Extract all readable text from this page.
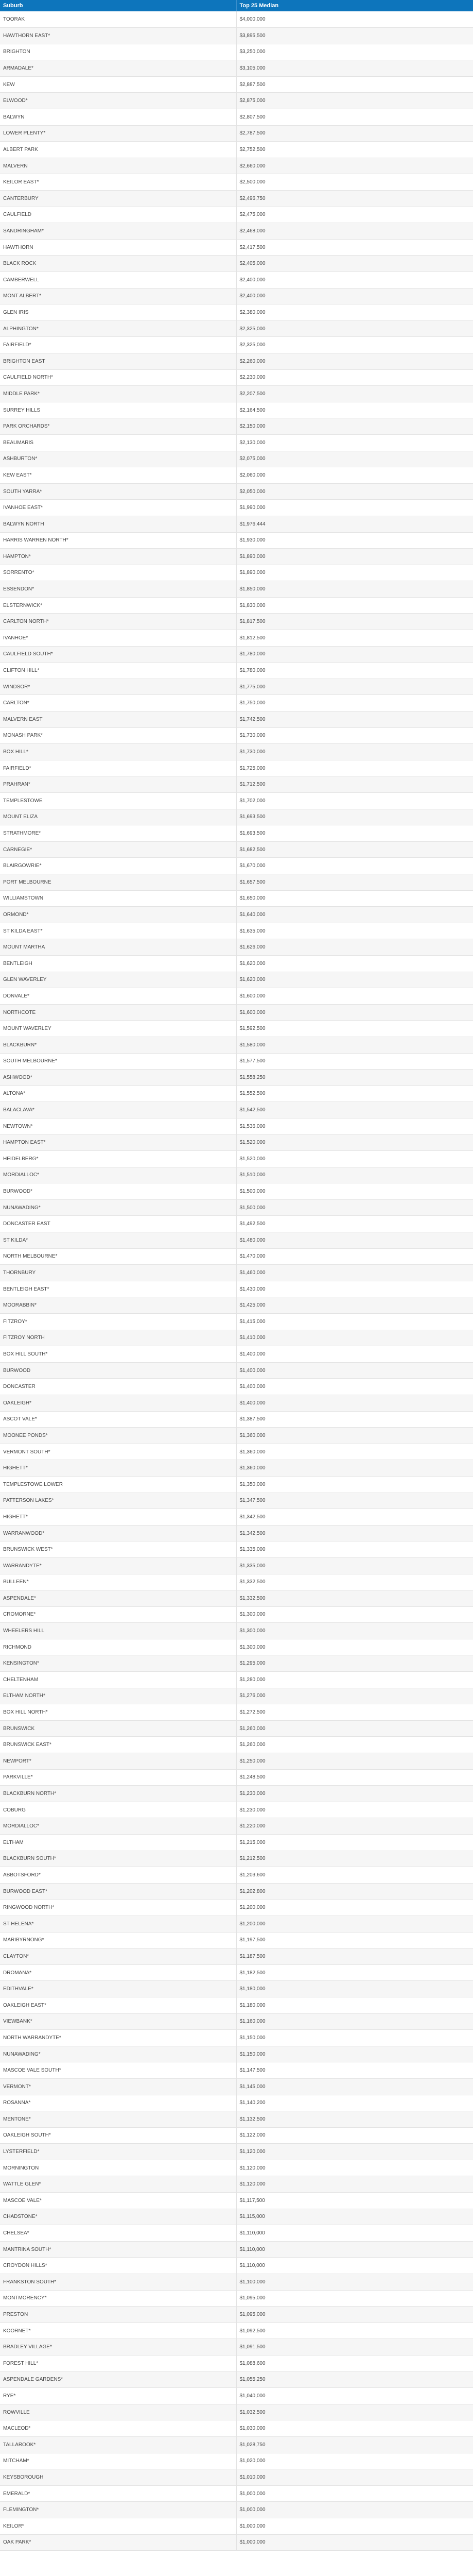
Suburb	Top 25 Median
TOORAK	$4,000,000
HAWTHORN EAST*	$3,895,500
BRIGHTON	$3,250,000
ARMADALE*	$3,105,000
KEW	$2,887,500
ELWOOD*	$2,875,000
BALWYN	$2,807,500
LOWER PLENTY*	$2,787,500
ALBERT PARK	$2,752,500
MALVERN	$2,660,000
KEILOR EAST*	$2,500,000
CANTERBURY	$2,496,750
CAULFIELD	$2,475,000
SANDRINGHAM*	$2,468,000
HAWTHORN	$2,417,500
BLACK ROCK	$2,405,000
CAMBERWELL	$2,400,000
MONT ALBERT*	$2,400,000
GLEN IRIS	$2,380,000
ALPHINGTON*	$2,325,000
FAIRFIELD*	$2,325,000
BRIGHTON EAST	$2,260,000
CAULFIELD NORTH*	$2,230,000
MIDDLE PARK*	$2,207,500
SURREY HILLS	$2,164,500
PARK ORCHARDS*	$2,150,000
BEAUMARIS	$2,130,000
ASHBURTON*	$2,075,000
KEW EAST*	$2,060,000
SOUTH YARRA*	$2,050,000
IVANHOE EAST*	$1,990,000
BALWYN NORTH	$1,976,444
HARRIS WARREN NORTH*	$1,930,000
HAMPTON*	$1,890,000
SORRENTO*	$1,890,000
ESSENDON*	$1,850,000
ELSTERNWICK*	$1,830,000
CARLTON NORTH*	$1,817,500
IVANHOE*	$1,812,500
CAULFIELD SOUTH*	$1,780,000
CLIFTON HILL*	$1,780,000
WINDSOR*	$1,775,000
CARLTON*	$1,750,000
MALVERN EAST	$1,742,500
MONASH PARK*	$1,730,000
BOX HILL*	$1,730,000
FAIRFIELD*	$1,725,000
PRAHRAN*	$1,712,500
TEMPLESTOWE	$1,702,000
MOUNT ELIZA	$1,693,500
STRATHMORE*	$1,693,500
CARNEGIE*	$1,682,500
BLAIRGOWRIE*	$1,670,000
PORT MELBOURNE	$1,657,500
WILLIAMSTOWN	$1,650,000
ORMOND*	$1,640,000
ST KILDA EAST*	$1,635,000
MOUNT MARTHA	$1,626,000
BENTLEIGH	$1,620,000
GLEN WAVERLEY	$1,620,000
DONVALE*	$1,600,000
NORTHCOTE	$1,600,000
MOUNT WAVERLEY	$1,592,500
BLACKBURN*	$1,580,000
SOUTH MELBOURNE*	$1,577,500
ASHWOOD*	$1,558,250
ALTONA*	$1,552,500
BALACLAVA*	$1,542,500
NEWTOWN*	$1,536,000
HAMPTON EAST*	$1,520,000
HEIDELBERG*	$1,520,000
MORDIALLOC*	$1,510,000
BURWOOD*	$1,500,000
NUNAWADING*	$1,500,000
DONCASTER EAST	$1,492,500
ST KILDA*	$1,480,000
NORTH MELBOURNE*	$1,470,000
THORNBURY	$1,460,000
BENTLEIGH EAST*	$1,430,000
MOORABBIN*	$1,425,000
FITZROY*	$1,415,000
FITZROY NORTH	$1,410,000
BOX HILL SOUTH*	$1,400,000
BURWOOD	$1,400,000
DONCASTER	$1,400,000
OAKLEIGH*	$1,400,000
ASCOT VALE*	$1,387,500
MOONEE PONDS*	$1,360,000
VERMONT SOUTH*	$1,360,000
HIGHETT*	$1,360,000
TEMPLESTOWE LOWER	$1,350,000
PATTERSON LAKES*	$1,347,500
HIGHETT*	$1,342,500
WARRANWOOD*	$1,342,500
BRUNSWICK WEST*	$1,335,000
WARRANDYTE*	$1,335,000
BULLEEN*	$1,332,500
ASPENDALE*	$1,332,500
CROMORNE*	$1,300,000
WHEELERS HILL	$1,300,000
RICHMOND	$1,300,000
KENSINGTON*	$1,295,000
CHELTENHAM	$1,280,000
ELTHAM NORTH*	$1,276,000
BOX HILL NORTH*	$1,272,500
BRUNSWICK	$1,260,000
BRUNSWICK EAST*	$1,260,000
NEWPORT*	$1,250,000
PARKVILLE*	$1,248,500
BLACKBURN NORTH*	$1,230,000
COBURG	$1,230,000
MORDIALLOC*	$1,220,000
ELTHAM	$1,215,000
BLACKBURN SOUTH*	$1,212,500
ABBOTSFORD*	$1,203,600
BURWOOD EAST*	$1,202,800
RINGWOOD NORTH*	$1,200,000
ST HELENA*	$1,200,000
MARIBYRNONG*	$1,197,500
CLAYTON*	$1,187,500
DROMANA*	$1,182,500
EDITHVALE*	$1,180,000
OAKLEIGH EAST*	$1,180,000
VIEWBANK*	$1,160,000
NORTH WARRANDYTE*	$1,150,000
NUNAWADING*	$1,150,000
MASCOE VALE SOUTH*	$1,147,500
VERMONT*	$1,145,000
ROSANNA*	$1,140,200
MENTONE*	$1,132,500
OAKLEIGH SOUTH*	$1,122,000
LYSTERFIELD*	$1,120,000
MORNINGTON	$1,120,000
WATTLE GLEN*	$1,120,000
MASCOE VALE*	$1,117,500
CHADSTONE*	$1,115,000
CHELSEA*	$1,110,000
MANTRINA SOUTH*	$1,110,000
CROYDON HILLS*	$1,110,000
FRANKSTON SOUTH*	$1,100,000
MONTMORENCY*	$1,095,000
PRESTON	$1,095,000
KOORNET*	$1,092,500
BRADLEY VILLAGE*	$1,091,500
FOREST HILL*	$1,088,600
ASPENDALE GARDENS*	$1,055,250
RYE*	$1,040,000
ROWVILLE	$1,032,500
MACLEOD*	$1,030,000
TALLAROOK*	$1,028,750
MITCHAM*	$1,020,000
KEYSBOROUGH	$1,010,000
EMERALD*	$1,000,000
FLEMINGTON*	$1,000,000
KEILOR*	$1,000,000
OAK PARK*	$1,000,000
